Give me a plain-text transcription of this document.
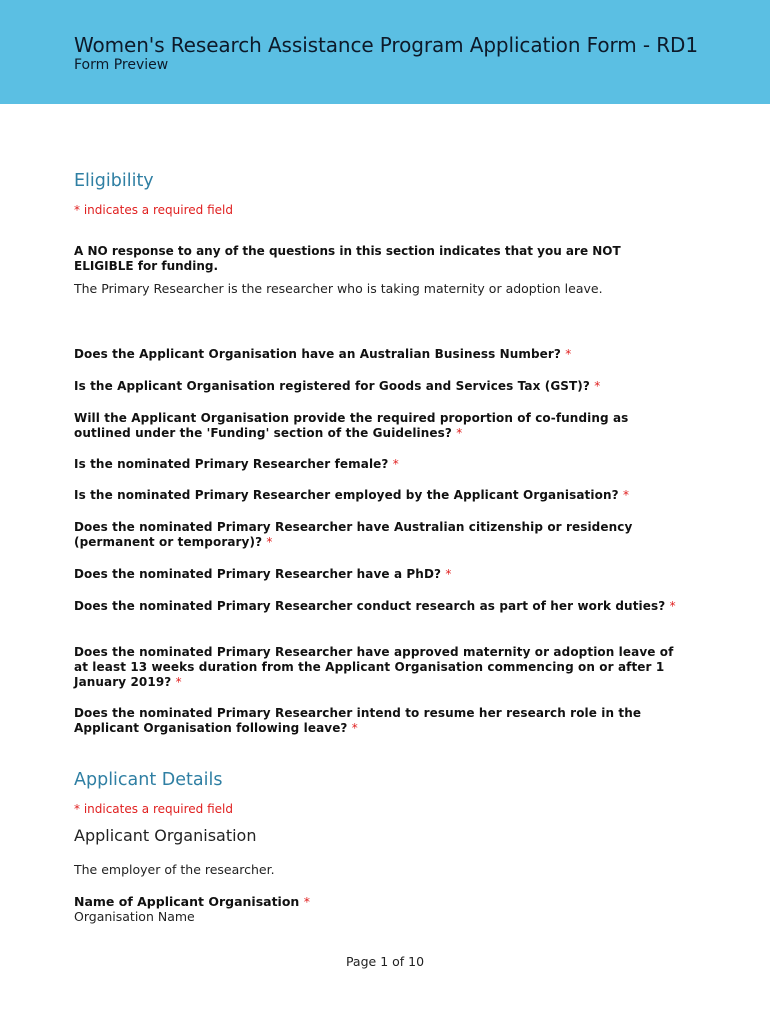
Women's Research Assistance Program Application Form - RD1
Form Preview
Eligibility
* indicates a required field
A NO response to any of the questions in this section indicates that you are NOT ELIGIBLE for funding.
The Primary Researcher is the researcher who is taking maternity or adoption leave.
Does the Applicant Organisation have an Australian Business Number? *
Is the Applicant Organisation registered for Goods and Services Tax (GST)? *
Will the Applicant Organisation provide the required proportion of co-funding as outlined under the 'Funding' section of the Guidelines? *
Is the nominated Primary Researcher female? *
Is the nominated Primary Researcher employed by the Applicant Organisation? *
Does the nominated Primary Researcher have Australian citizenship or residency (permanent or temporary)? *
Does the nominated Primary Researcher have a PhD? *
Does the nominated Primary Researcher conduct research as part of her work duties? *
Does the nominated Primary Researcher have approved maternity or adoption leave of at least 13 weeks duration from the Applicant Organisation commencing on or after 1 January 2019? *
Does the nominated Primary Researcher intend to resume her research role in the Applicant Organisation following leave? *
Applicant Details
* indicates a required field
Applicant Organisation
The employer of the researcher.
Name of Applicant Organisation *
Organisation Name
Page 1 of 10
